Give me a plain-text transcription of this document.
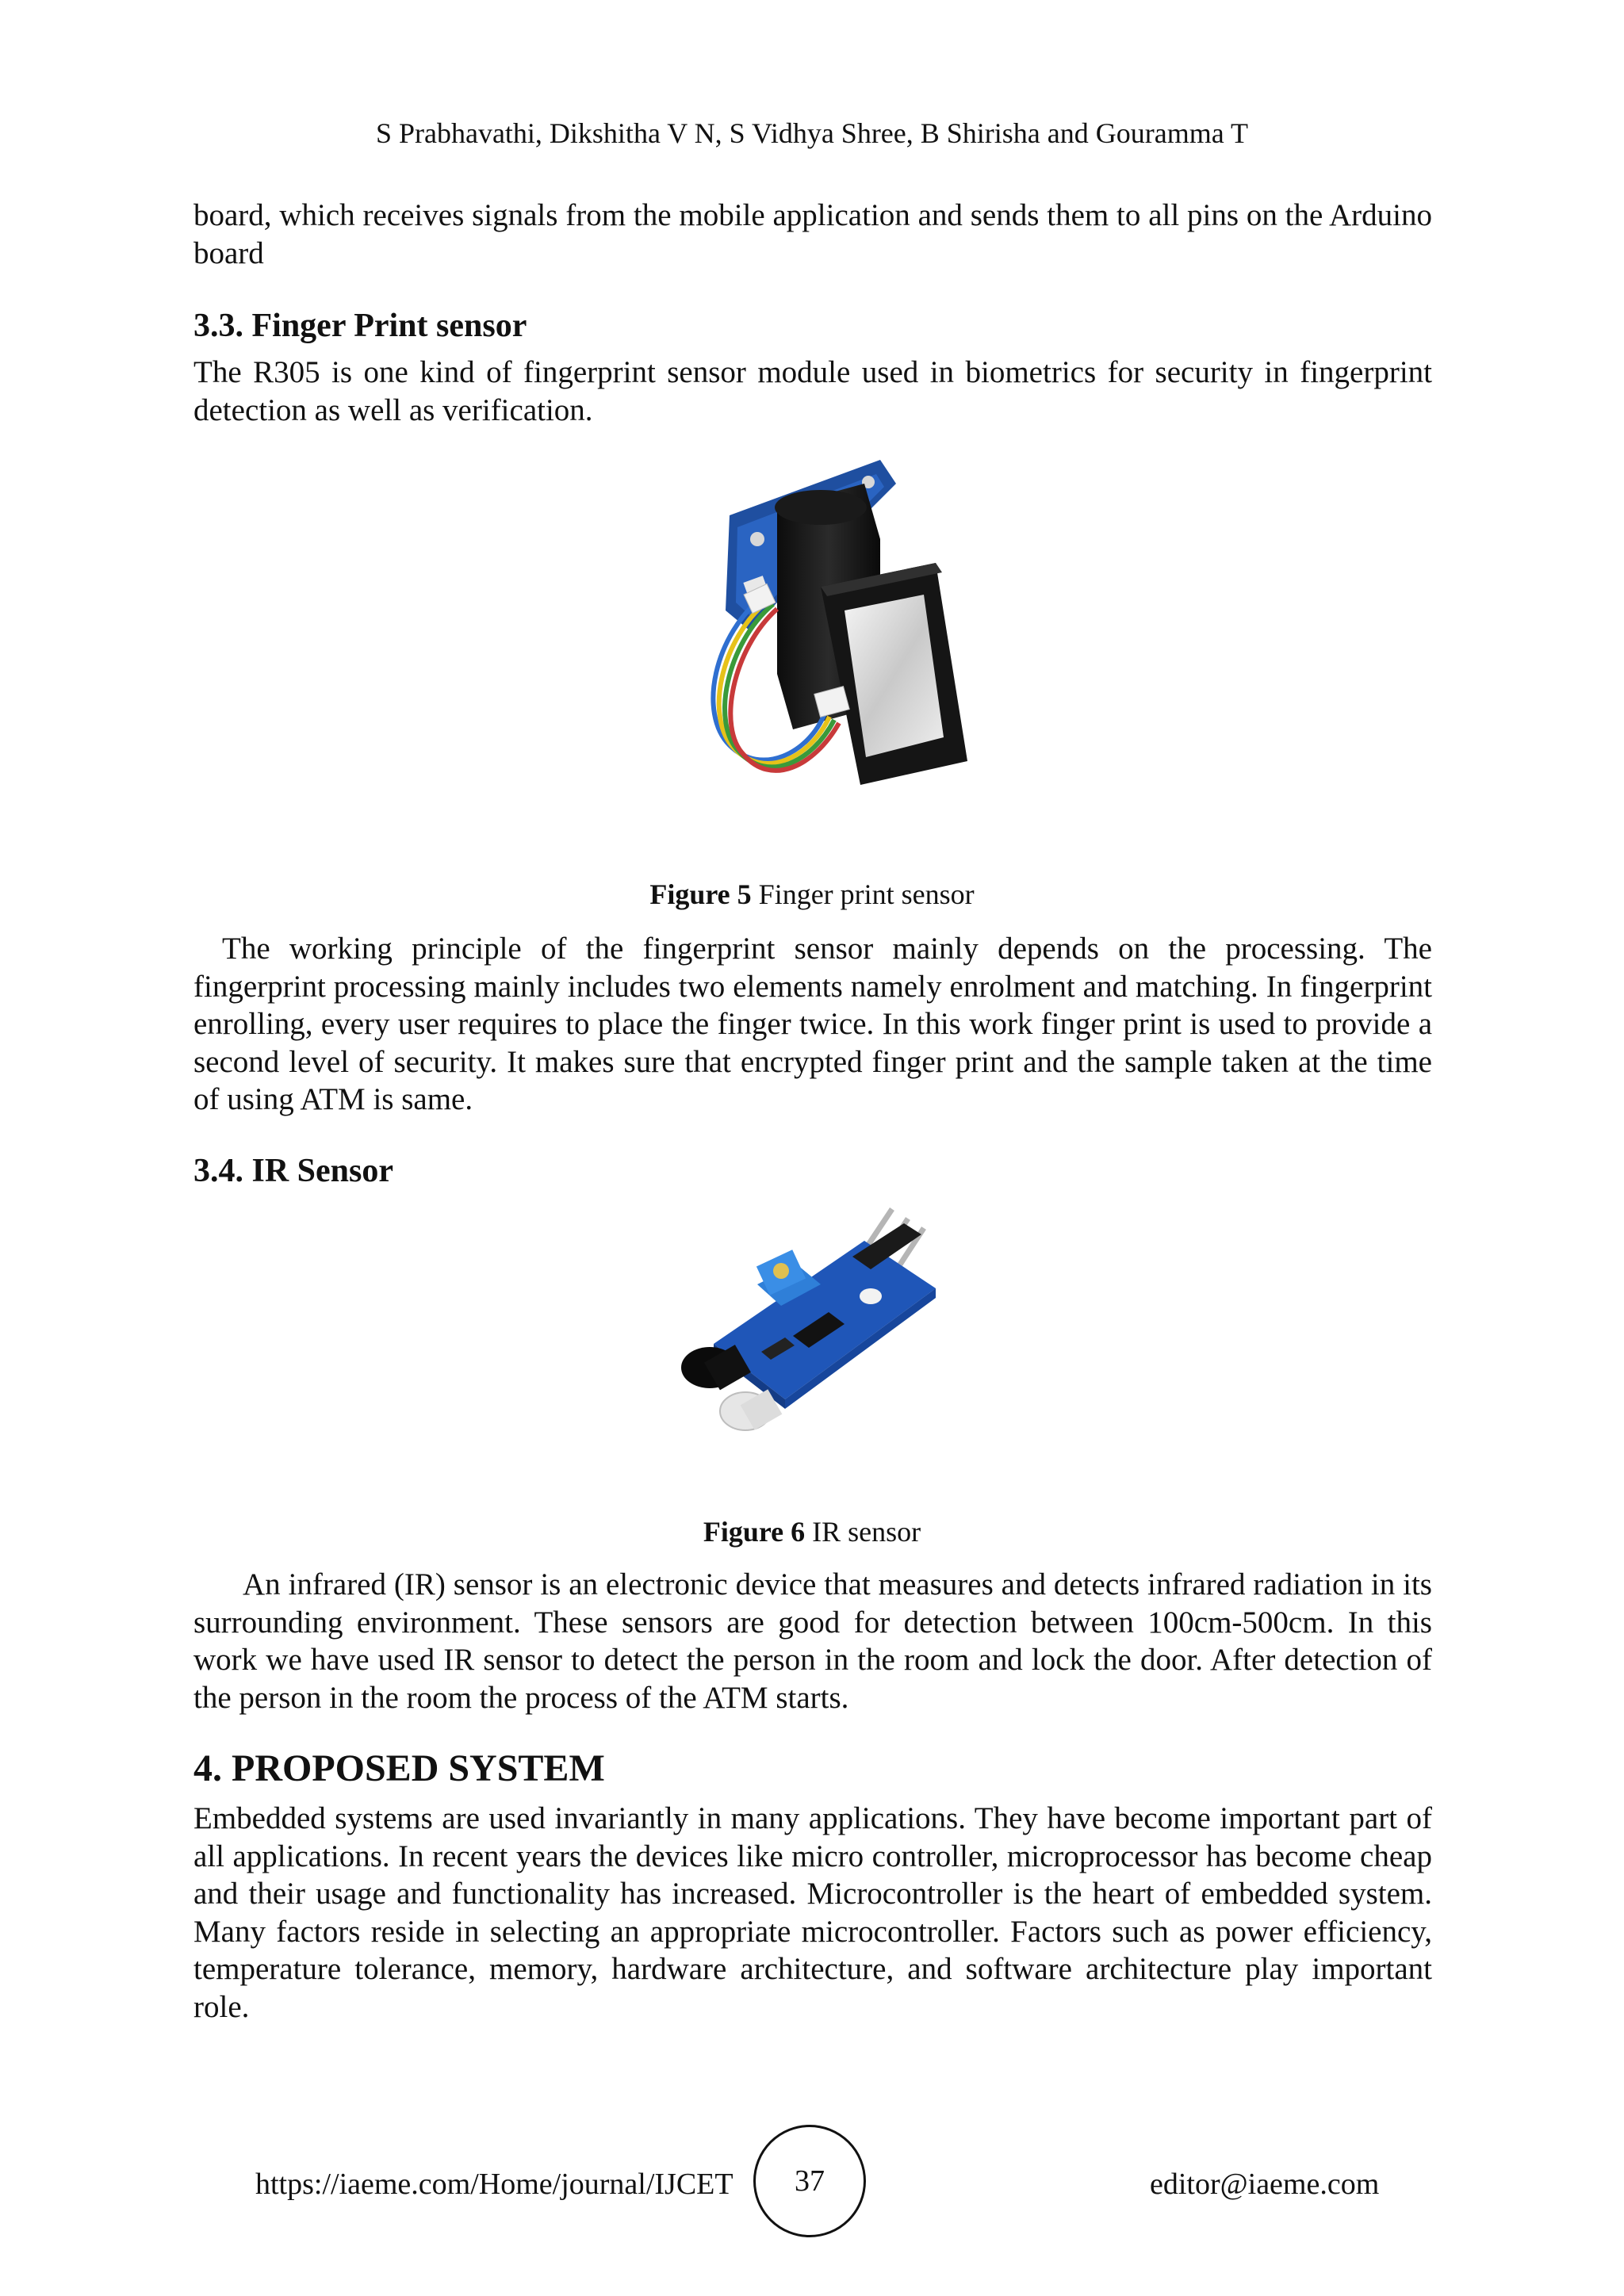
S Prabhavathi, Dikshitha V N, S Vidhya Shree, B Shirisha and Gouramma T

board, which receives signals from the mobile application and sends them to all pins on the Arduino board

3.3. Finger Print sensor

The R305 is one kind of fingerprint sensor module used in biometrics for security in fingerprint detection as well as verification.

Figure 5 Finger print sensor

The working principle of the fingerprint sensor mainly depends on the processing. The fingerprint processing mainly includes two elements namely enrolment and matching. In fingerprint enrolling, every user requires to place the finger twice. In this work finger print is used to provide a second level of security. It makes sure that encrypted finger print and the sample taken at the time of using ATM is same.

3.4. IR Sensor
Figure 6 IR sensor

An infrared (IR) sensor is an electronic device that measures and detects infrared radiation in its surrounding environment. These sensors are good for detection between 100cm-500cm. In this work we have used IR sensor to detect the person in the room and lock the door. After detection of the person in the room the process of the ATM starts.

4. PROPOSED SYSTEM

Embedded systems are used invariantly in many applications. They have become important part of all applications. In recent years the devices like micro controller, microprocessor has become cheap and their usage and functionality has increased. Microcontroller is the heart of embedded system. Many factors reside in selecting an appropriate microcontroller. Factors such as power efficiency, temperature tolerance, memory, hardware architecture, and software architecture play important role.

https://iaeme.com/Home/journal/IJCET	37	editor@iaeme.com
